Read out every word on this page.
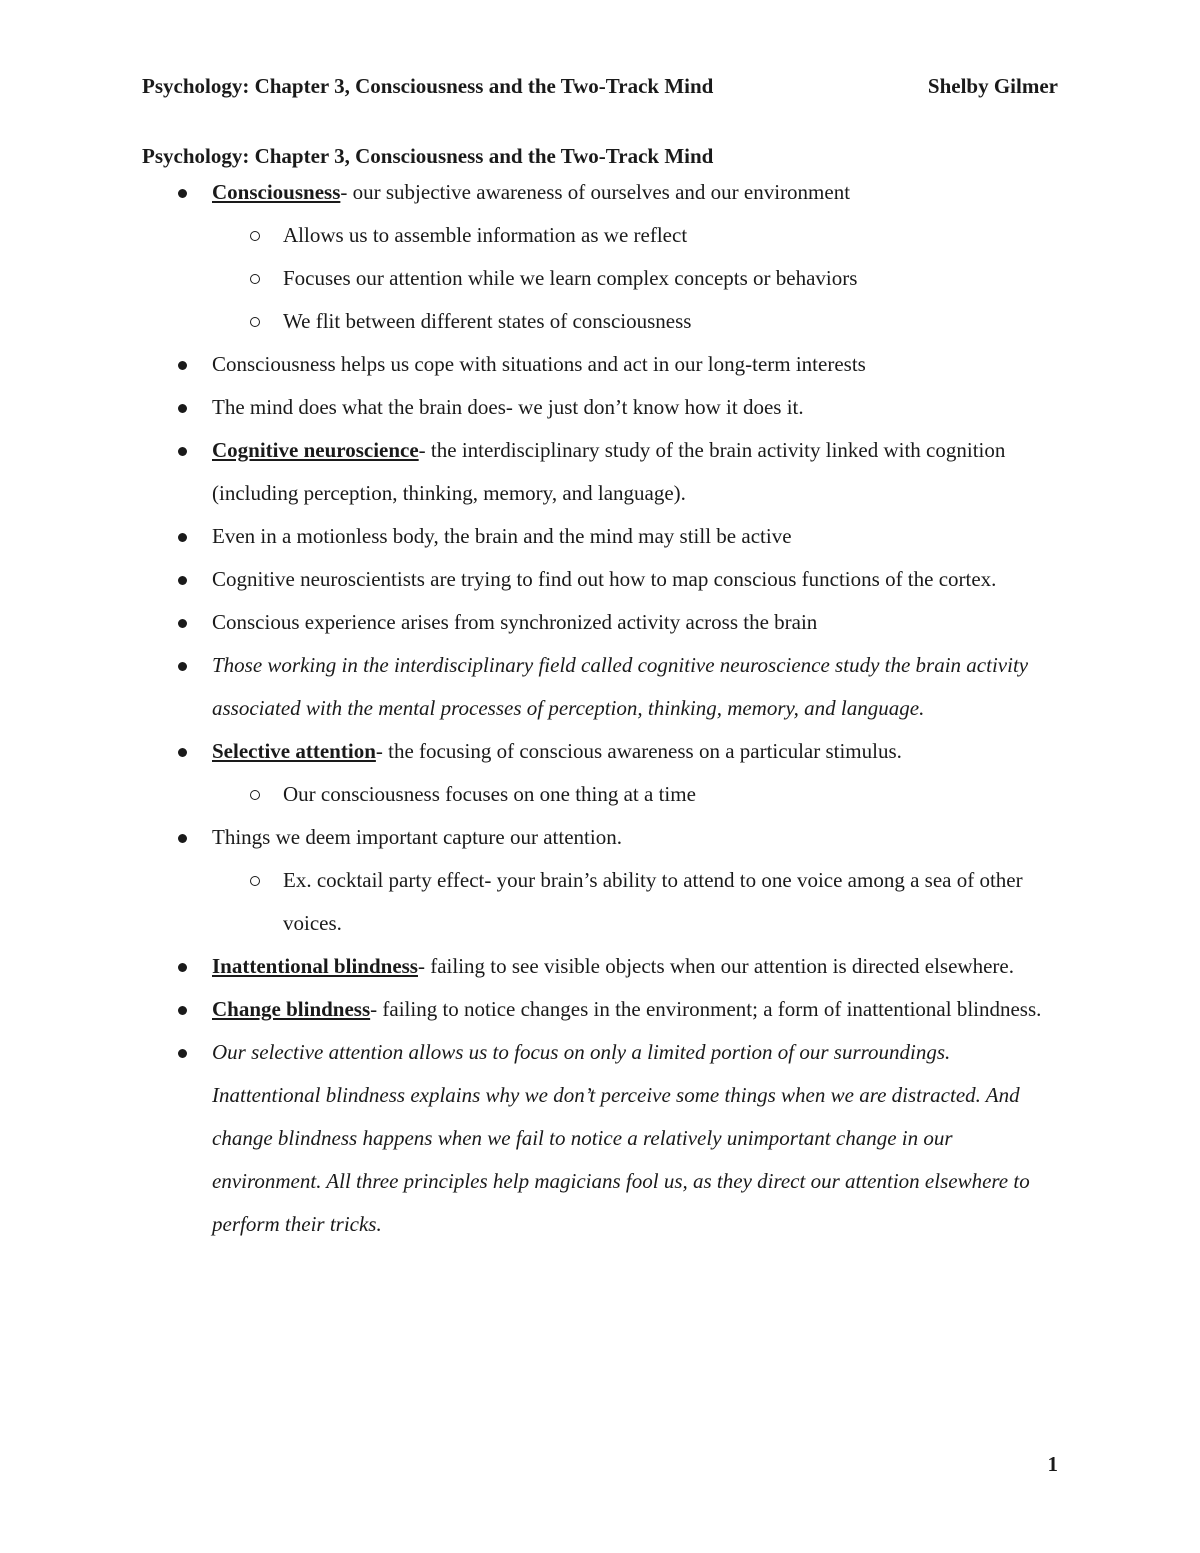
Psychology: Chapter 3, Consciousness and the Two-Track Mind	Shelby Gilmer

Psychology: Chapter 3, Consciousness and the Two-Track Mind

Consciousness- our subjective awareness of ourselves and our environment
Allows us to assemble information as we reflect
Focuses our attention while we learn complex concepts or behaviors
We flit between different states of consciousness
Consciousness helps us cope with situations and act in our long-term interests
The mind does what the brain does- we just don’t know how it does it.
Cognitive neuroscience- the interdisciplinary study of the brain activity linked with cognition (including perception, thinking, memory, and language).
Even in a motionless body, the brain and the mind may still be active
Cognitive neuroscientists are trying to find out how to map conscious functions of the cortex.
Conscious experience arises from synchronized activity across the brain
Those working in the interdisciplinary field called cognitive neuroscience study the brain activity associated with the mental processes of perception, thinking, memory, and language.
Selective attention- the focusing of conscious awareness on a particular stimulus.
Our consciousness focuses on one thing at a time
Things we deem important capture our attention.
Ex. cocktail party effect- your brain’s ability to attend to one voice among a sea of other voices.
Inattentional blindness- failing to see visible objects when our attention is directed elsewhere.
Change blindness- failing to notice changes in the environment; a form of inattentional blindness.
Our selective attention allows us to focus on only a limited portion of our surroundings. Inattentional blindness explains why we don’t perceive some things when we are distracted. And change blindness happens when we fail to notice a relatively unimportant change in our environment. All three principles help magicians fool us, as they direct our attention elsewhere to perform their tricks.
1
